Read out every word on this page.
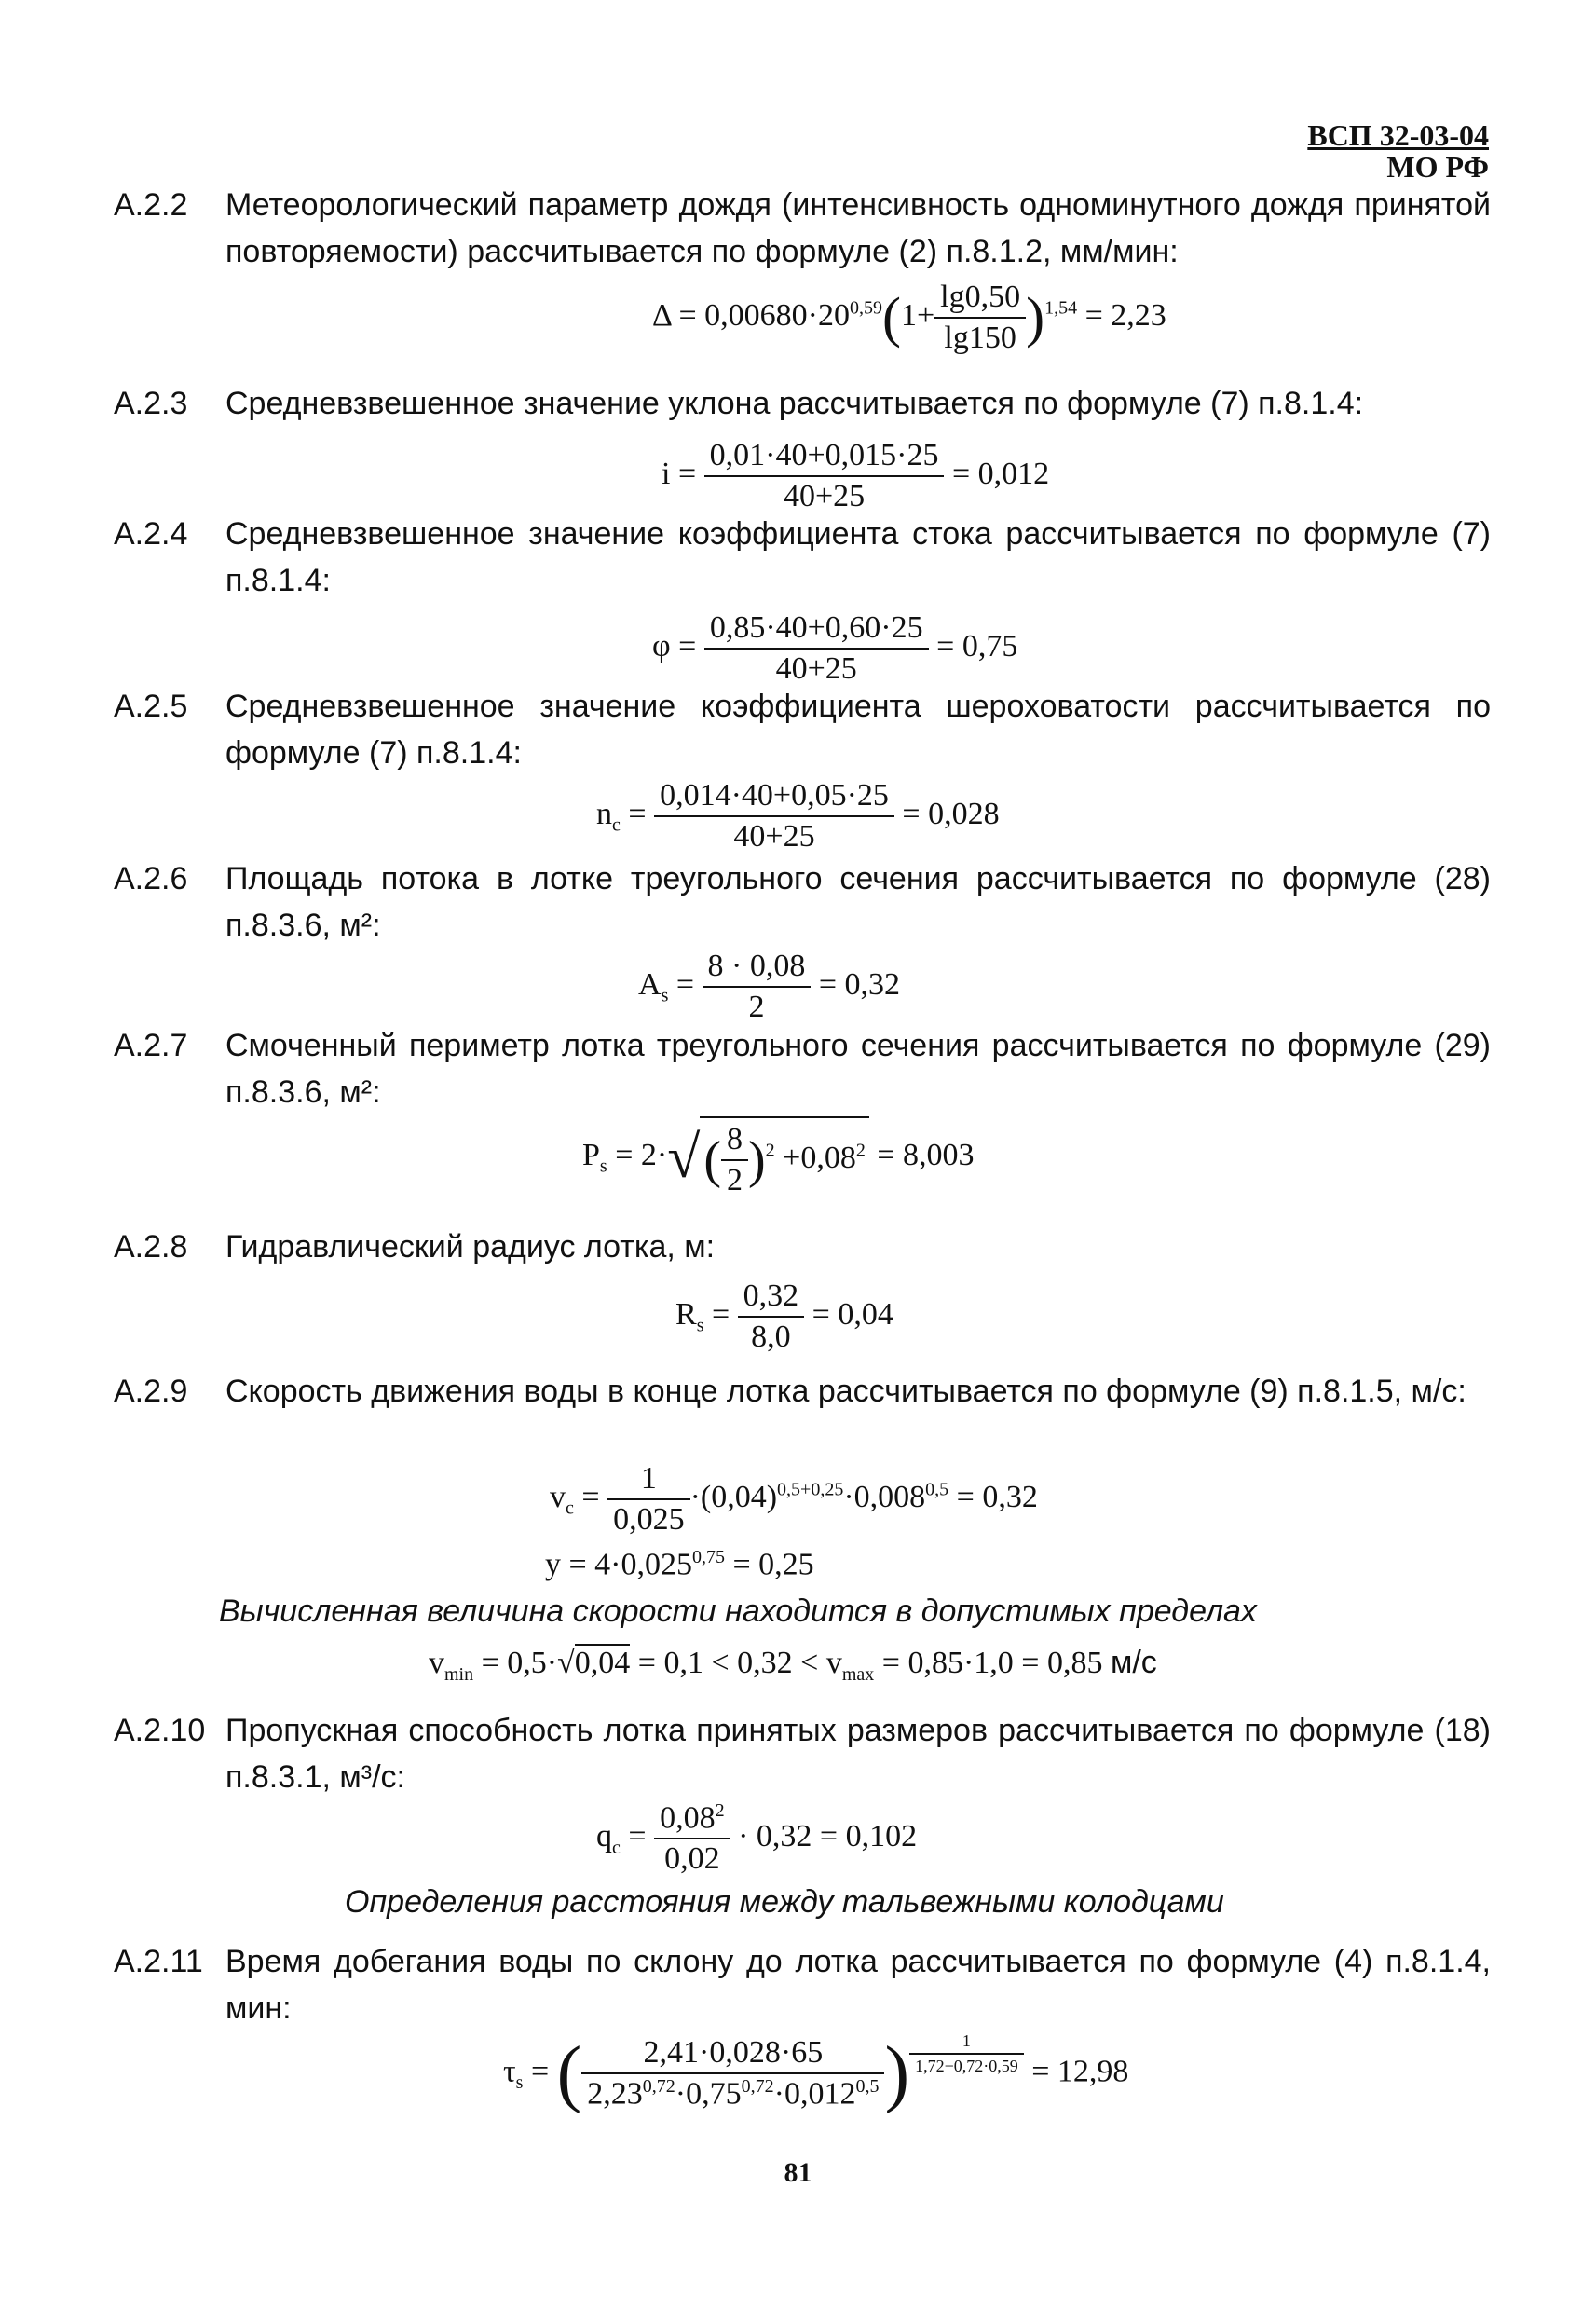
ВСП 32-03-04
МО РФ
А.2.2 Метеорологический параметр дождя (интенсивность одноминутного дождя принятой повторяемости) рассчитывается по формуле (2) п.8.1.2, мм/мин:
$\Delta = 0,00680\cdot 20^{0,59}(1+ \frac{\lg 0,50}{\lg 150} )^{1,54} = 2,23$
А.2.3 Средневзвешенное значение уклона рассчитывается по формуле (7) п.8.1.4:
$i = \frac{0,01\cdot 40+0,015\cdot 25}{40+25} = 0,012$
А.2.4 Средневзвешенное значение коэффициента стока рассчитывается по формуле (7) п.8.1.4:
$\varphi = \frac{0,85\cdot 40+0,60\cdot 25}{40+25} = 0,75$
А.2.5 Средневзвешенное значение коэффициента шероховатости рассчитывается по формуле (7) п.8.1.4:
$n_c = \frac{0,014\cdot 40+0,05\cdot 25}{40+25} = 0,028$
А.2.6 Площадь потока в лотке треугольного сечения рассчитывается по формуле (28) п.8.3.6, м²:
$A_s = \frac{8 \cdot 0,08}{2} = 0,32$
А.2.7 Смоченный периметр лотка треугольного сечения рассчитывается по формуле (29) п.8.3.6, м²:
$P_s = 2\cdot√( \frac{8}{2} )^2 +0,08^2 = 8,003$
А.2.8 Гидравлический радиус лотка, м:
$R_s = \frac{0,32}{8,0} = 0,04$
А.2.9 Скорость движения воды в конце лотка рассчитывается по формуле (9) п.8.1.5, м/с:
$v_c = \frac{1}{0,025} \cdot(0,04)^{0,5+0,25}\cdot 0,008^{0,5} = 0,32$
$y = 4\cdot 0,025^{0,75} = 0,25$
Вычисленная величина скорости находится в допустимых пределах
$v_{min} = 0,5\cdot√0,04 = 0,1 < 0,32 < v_{max} = 0,85\cdot 1,0 = 0,85$ м/с
А.2.10 Пропускная способность лотка принятых размеров рассчитывается по формуле (18) п.8.3.1, м³/с:
$q_c = \frac{0,08^2}{0,02} \cdot 0,32 = 0,102$
Определения расстояния между тальвежными колодцами
А.2.11 Время добегания воды по склону до лотка рассчитывается по формуле (4) п.8.1.4, мин:
$\tau_s$ = ( $\frac{2,41\cdot 0,028\cdot 65}{2,23^{0,72}\cdot 0,75^{0,72}\cdot 0,012^{0,5}}$ ) $\frac{1}{1,72-0,72\cdot 0,59} = 12,98$
81
